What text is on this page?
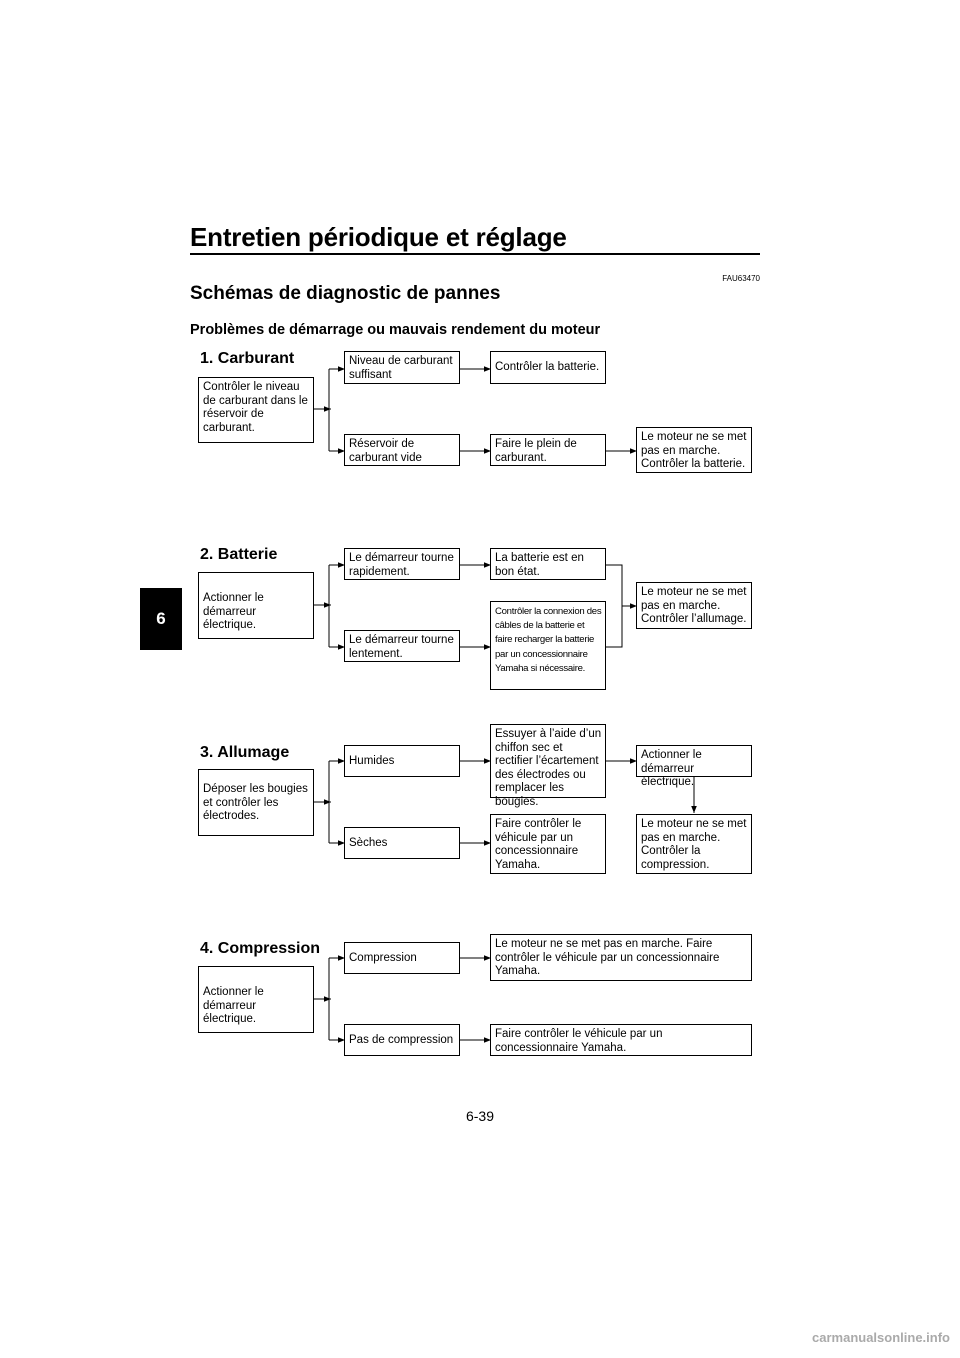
Entretien périodique et réglage
FAU63470
Schémas de diagnostic de pannes
Problèmes de démarrage ou mauvais rendement du moteur
6
1. Carburant
Contrôler le niveau de carburant dans le réservoir de carburant.
Niveau de carburant suffisant
Contrôler la batterie.
Réservoir de carburant vide
Faire le plein de carburant.
Le moteur ne se met pas en marche. Contrôler la batterie.
2. Batterie
Actionner le démarreur électrique.
Le démarreur tourne rapidement.
La batterie est en bon état.
Le démarreur tourne lentement.
Contrôler la connexion des câbles de la batterie et faire recharger la batterie par un concessionnaire Yamaha si nécessaire.
Le moteur ne se met pas en marche. Contrôler l’allumage.
3. Allumage
Déposer les bougies et contrôler les électrodes.
Humides
Essuyer à l’aide d’un chiffon sec et rectifier l’écartement des électrodes ou remplacer les bougies.
Actionner le démarreur électrique.
Sèches
Faire contrôler le véhicule par un concessionnaire Yamaha.
Le moteur ne se met pas en marche. Contrôler la compression.
4. Compression
Actionner le démarreur électrique.
Compression
Le moteur ne se met pas en marche. Faire contrôler le véhicule par un concessionnaire Yamaha.
Pas de compression	Faire contrôler le véhicule par un concessionnaire Yamaha.
6-39
carmanualsonline.info
